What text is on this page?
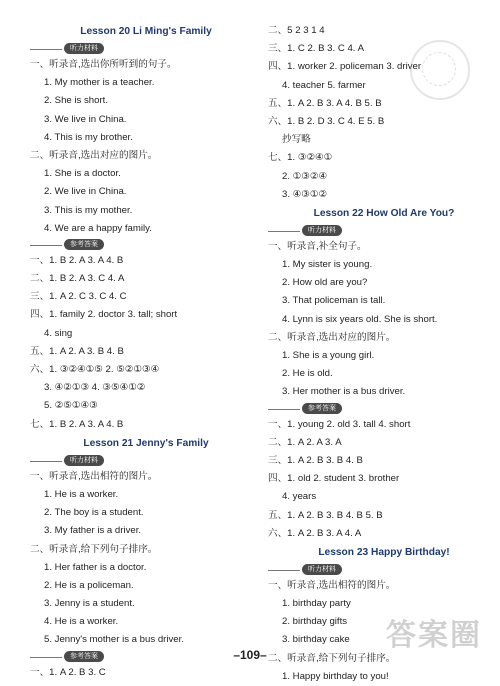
Lesson 20 Li Ming's Family
听力材料
一、听录音,选出你所听到的句子。
1. My mother is a teacher.
2. She is short.
3. We live in China.
4. This is my brother.
二、听录音,选出对应的图片。
1. She is a doctor.
2. We live in China.
3. This is my mother.
4. We are a happy family.
参考答案
一、1. B 2. A 3. A 4. B
二、1. B 2. A 3. C 4. A
三、1. A 2. C 3. C 4. C
四、1. family 2. doctor 3. tall; short
4. sing
五、1. A 2. A 3. B 4. B
六、1. ③②④①⑤ 2. ⑤②①③④
3. ④②①③ 4. ③⑤④①②
5. ②⑤①④③
七、1. B 2. A 3. A 4. B
Lesson 21 Jenny's Family
听力材料
一、听录音,选出相符的图片。
1. He is a worker.
2. The boy is a student.
3. My father is a driver.
二、听录音,给下列句子排序。
1. Her father is a doctor.
2. He is a policeman.
3. Jenny is a student.
4. He is a worker.
5. Jenny's mother is a bus driver.
参考答案
一、1. A 2. B 3. C
二、5 2 3 1 4
三、1. C 2. B 3. C 4. A
四、1. worker 2. policeman 3. driver
4. teacher 5. farmer
五、1. A 2. B 3. A 4. B 5. B
六、1. B 2. D 3. C 4. E 5. B
抄写略
七、1. ③②④①
2. ①③②④
3. ④③①②
Lesson 22 How Old Are You?
听力材料
一、听录音,补全句子。
1. My sister is young.
2. How old are you?
3. That policeman is tall.
4. Lynn is six years old. She is short.
二、听录音,选出对应的图片。
1. She is a young girl.
2. He is old.
3. Her mother is a bus driver.
参考答案
一、1. young 2. old 3. tall 4. short
二、1. A 2. A 3. A
三、1. A 2. B 3. B 4. B
四、1. old 2. student 3. brother
4. years
五、1. A 2. B 3. B 4. B 5. B
六、1. A 2. B 3. A 4. A
Lesson 23 Happy Birthday!
听力材料
一、听录音,选出相符的图片。
1. birthday party
2. birthday gifts
3. birthday cake
二、听录音,给下列句子排序。
1. Happy birthday to you!
答案圈
–109–
